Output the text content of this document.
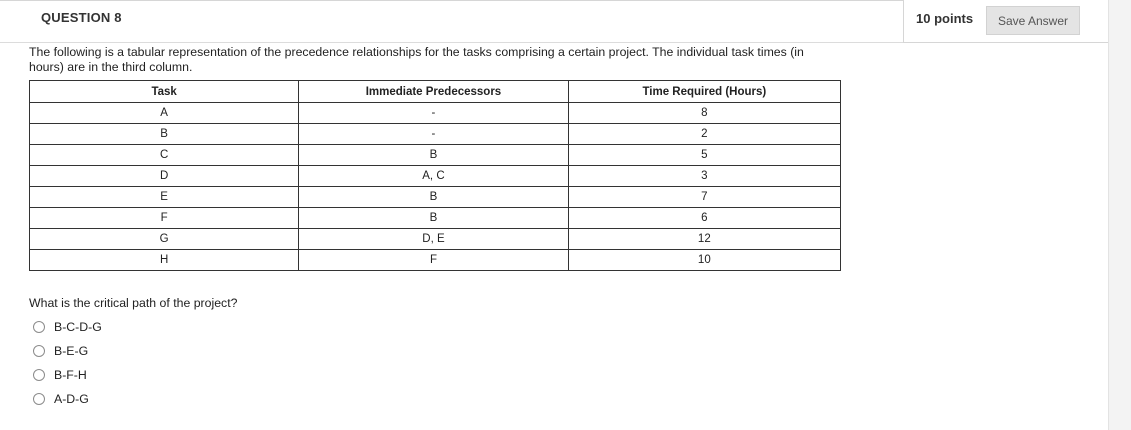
QUESTION 8	10 points	Save Answer
The following is a tabular representation of the precedence relationships for the tasks comprising a certain project. The individual task times (in hours) are in the third column.
Task	Immediate Predecessors	Time Required (Hours)
A	-	8
B	-	2
C	B	5
D	A, C	3
E	B	7
F	B	6
G	D, E	12
H	F	10
What is the critical path of the project?
B-C-D-G
B-E-G
B-F-H
A-D-G
